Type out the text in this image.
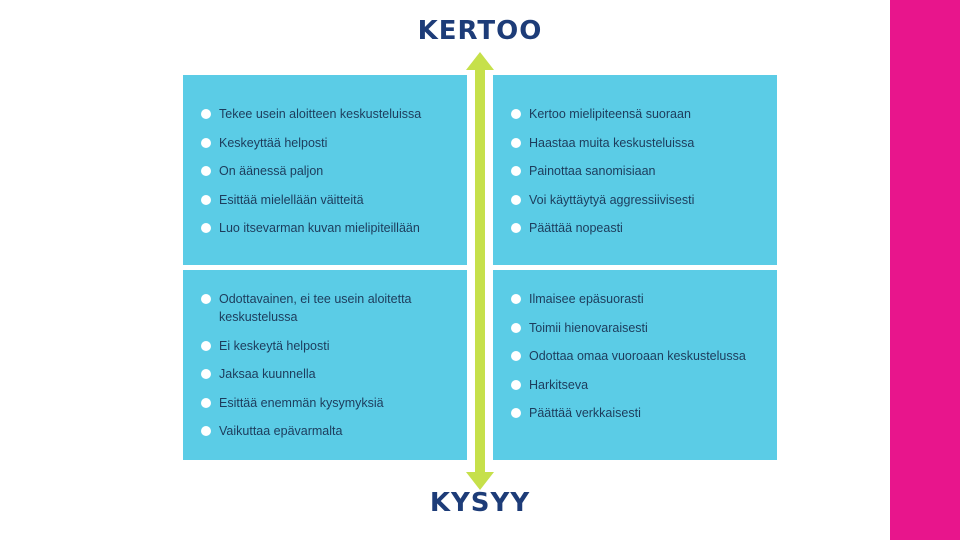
KERTOO
Tekee usein aloitteen keskusteluissa
Keskeyttää helposti
On äänessä paljon
Esittää mielellään väitteitä
Luo itsevarman kuvan mielipiteillään
Kertoo mielipiteensä suoraan
Haastaa muita keskusteluissa
Painottaa sanomisiaan
Voi käyttäytyä aggressiivisesti
Päättää nopeasti
Odottavainen, ei tee usein aloitetta keskustelussa
Ei keskeytä helposti
Jaksaa kuunnella
Esittää enemmän kysymyksiä
Vaikuttaa epävarmalta
Ilmaisee epäsuorasti
Toimii hienovaraisesti
Odottaa omaa vuoroaan keskustelussa
Harkitseva
Päättää verkkaisesti
KYSYY
